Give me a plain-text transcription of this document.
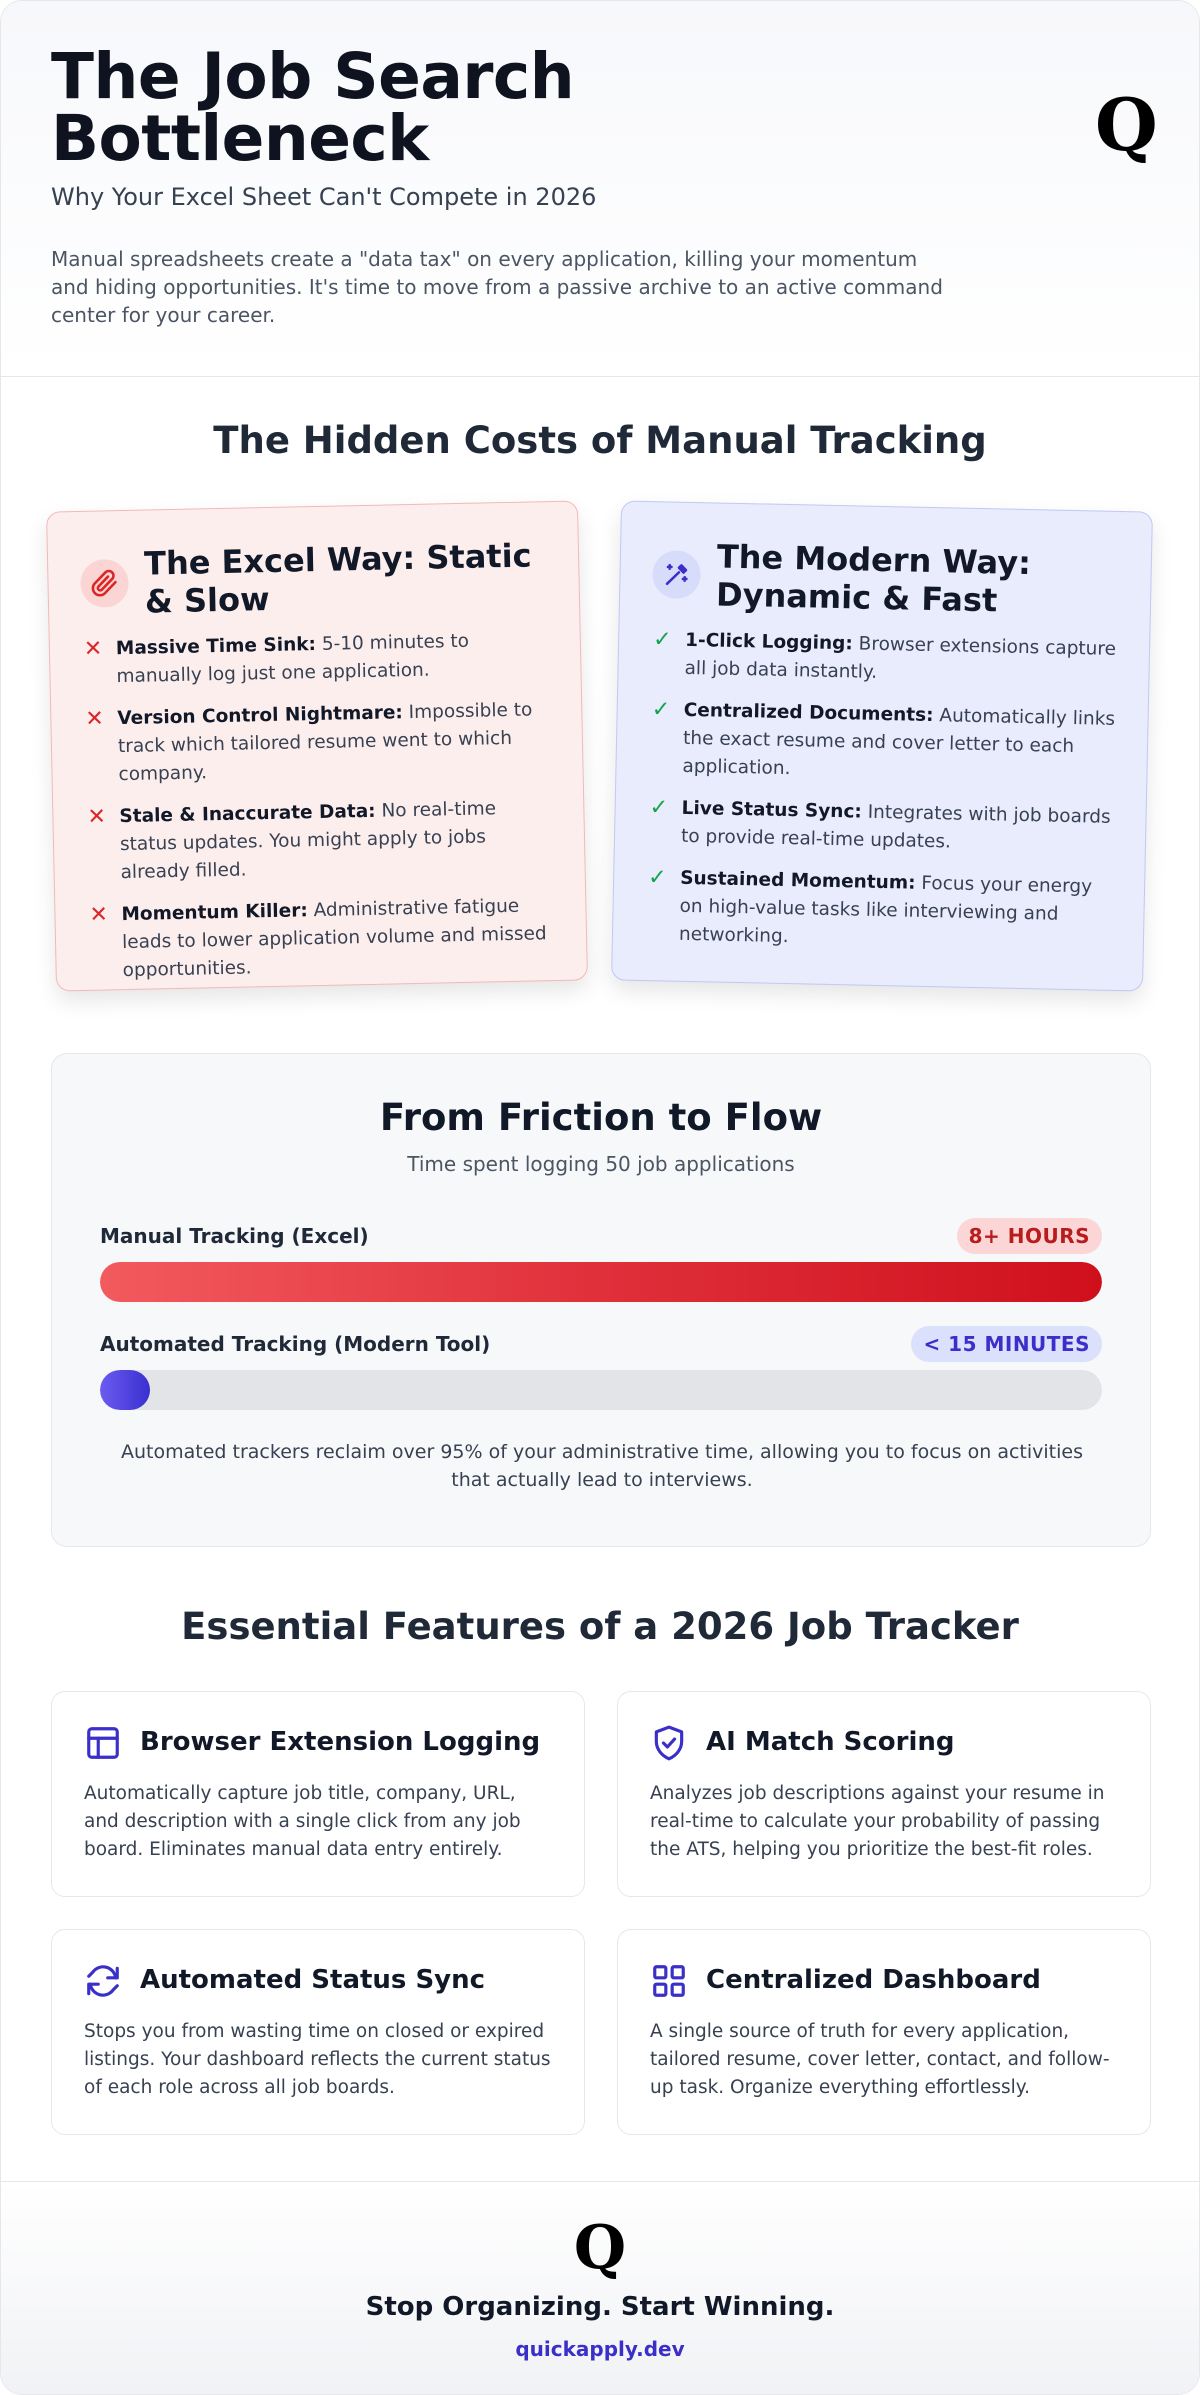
The Job Search Bottleneck
Why Your Excel Sheet Can't Compete in 2026

Manual spreadsheets create a "data tax" on every application, killing your momentum and hiding opportunities. It's time to move from a passive archive to an active command center for your career.

Q
The Hidden Costs of Manual Tracking
The Excel Way: Static & Slow
✕ Massive Time Sink: 5-10 minutes to manually log just one application.
✕ Version Control Nightmare: Impossible to track which tailored resume went to which company.
✕ Stale & Inaccurate Data: No real-time status updates. You might apply to jobs already filled.
✕ Momentum Killer: Administrative fatigue leads to lower application volume and missed opportunities.
The Modern Way: Dynamic & Fast
✓ 1-Click Logging: Browser extensions capture all job data instantly.
✓ Centralized Documents: Automatically links the exact resume and cover letter to each application.
✓ Live Status Sync: Integrates with job boards to provide real-time updates.
✓ Sustained Momentum: Focus your energy on high-value tasks like interviewing and networking.
From Friction to Flow
Time spent logging 50 job applications
Manual Tracking (Excel)	8+ HOURS
Automated Tracking (Modern Tool)	< 15 MINUTES

Automated trackers reclaim over 95% of your administrative time, allowing you to focus on activities that actually lead to interviews.

Essential Features of a 2026 Job Tracker
Browser Extension Logging

Automatically capture job title, company, URL, and description with a single click from any job board. Eliminates manual data entry entirely.

AI Match Scoring

Analyzes job descriptions against your resume in real-time to calculate your probability of passing the ATS, helping you prioritize the best-fit roles.

Automated Status Sync

Stops you from wasting time on closed or expired listings. Your dashboard reflects the current status of each role across all job boards.

Centralized Dashboard

A single source of truth for every application, tailored resume, cover letter, contact, and follow-up task. Organize everything effortlessly.

Q
Stop Organizing. Start Winning.
quickapply.dev
